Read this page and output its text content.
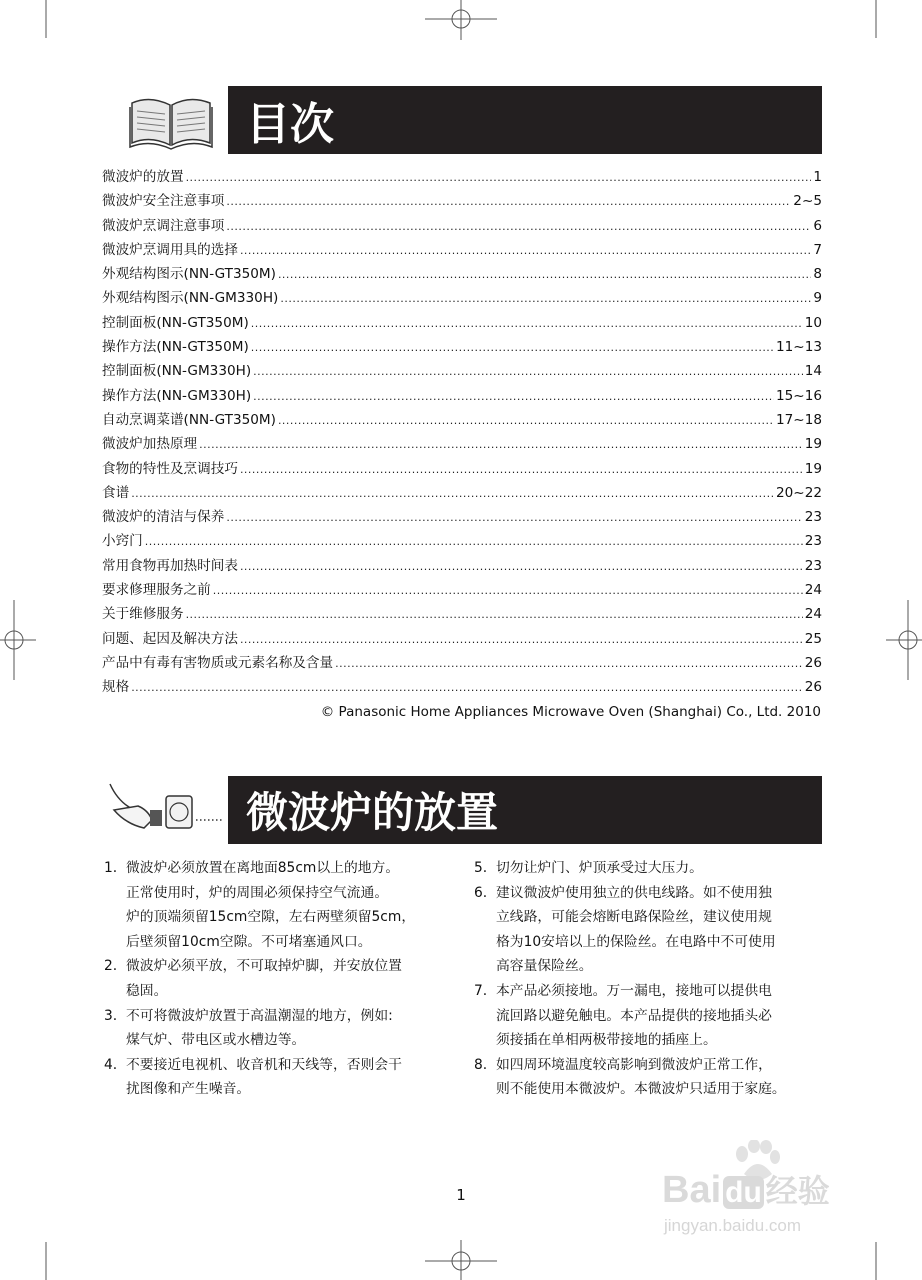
目次
微波炉的放置 .....	1
微波炉安全注意事项 .....	2~5
微波炉烹调注意事项 .....	6
微波炉烹调用具的选择 .....	7
外观结构图示(NN-GT350M) .....	8
外观结构图示(NN-GM330H) .....	9
控制面板(NN-GT350M) .....	10
操作方法(NN-GT350M) .....	11~13
控制面板(NN-GM330H) .....	14
操作方法(NN-GM330H) .....	15~16
自动烹调菜谱(NN-GT350M) .....	17~18
微波炉加热原理 .....	19
食物的特性及烹调技巧 .....	19
食谱 .....	20~22
微波炉的清洁与保养 .....	23
小窍门 .....	23
常用食物再加热时间表 .....	23
要求修理服务之前 .....	24
关于维修服务 .....	24
问题、起因及解决方法 .....	25
产品中有毒有害物质或元素名称及含量 .....	26
规格 .....	26
© Panasonic Home Appliances Microwave Oven (Shanghai) Co., Ltd. 2010
微波炉的放置
1. 微波炉必须放置在离地面85cm以上的地方。
正常使用时，炉的周围必须保持空气流通。
炉的顶端须留15cm空隙，左右两壁须留5cm，
后壁须留10cm空隙。不可堵塞通风口。
2. 微波炉必须平放，不可取掉炉脚，并安放位置
稳固。
3. 不可将微波炉放置于高温潮湿的地方，例如:
煤气炉、带电区或水槽边等。
4. 不要接近电视机、收音机和天线等，否则会干
扰图像和产生噪音。
5. 切勿让炉门、炉顶承受过大压力。
6. 建议微波炉使用独立的供电线路。如不使用独
立线路，可能会熔断电路保险丝，建议使用规
格为10安培以上的保险丝。在电路中不可使用
高容量保险丝。
7. 本产品必须接地。万一漏电，接地可以提供电
流回路以避免触电。本产品提供的接地插头必
须接插在单相两极带接地的插座上。
8. 如四周环境温度较高影响到微波炉正常工作，
则不能使用本微波炉。本微波炉只适用于家庭。
1	Bai du 经验
jingyan.baidu.com
